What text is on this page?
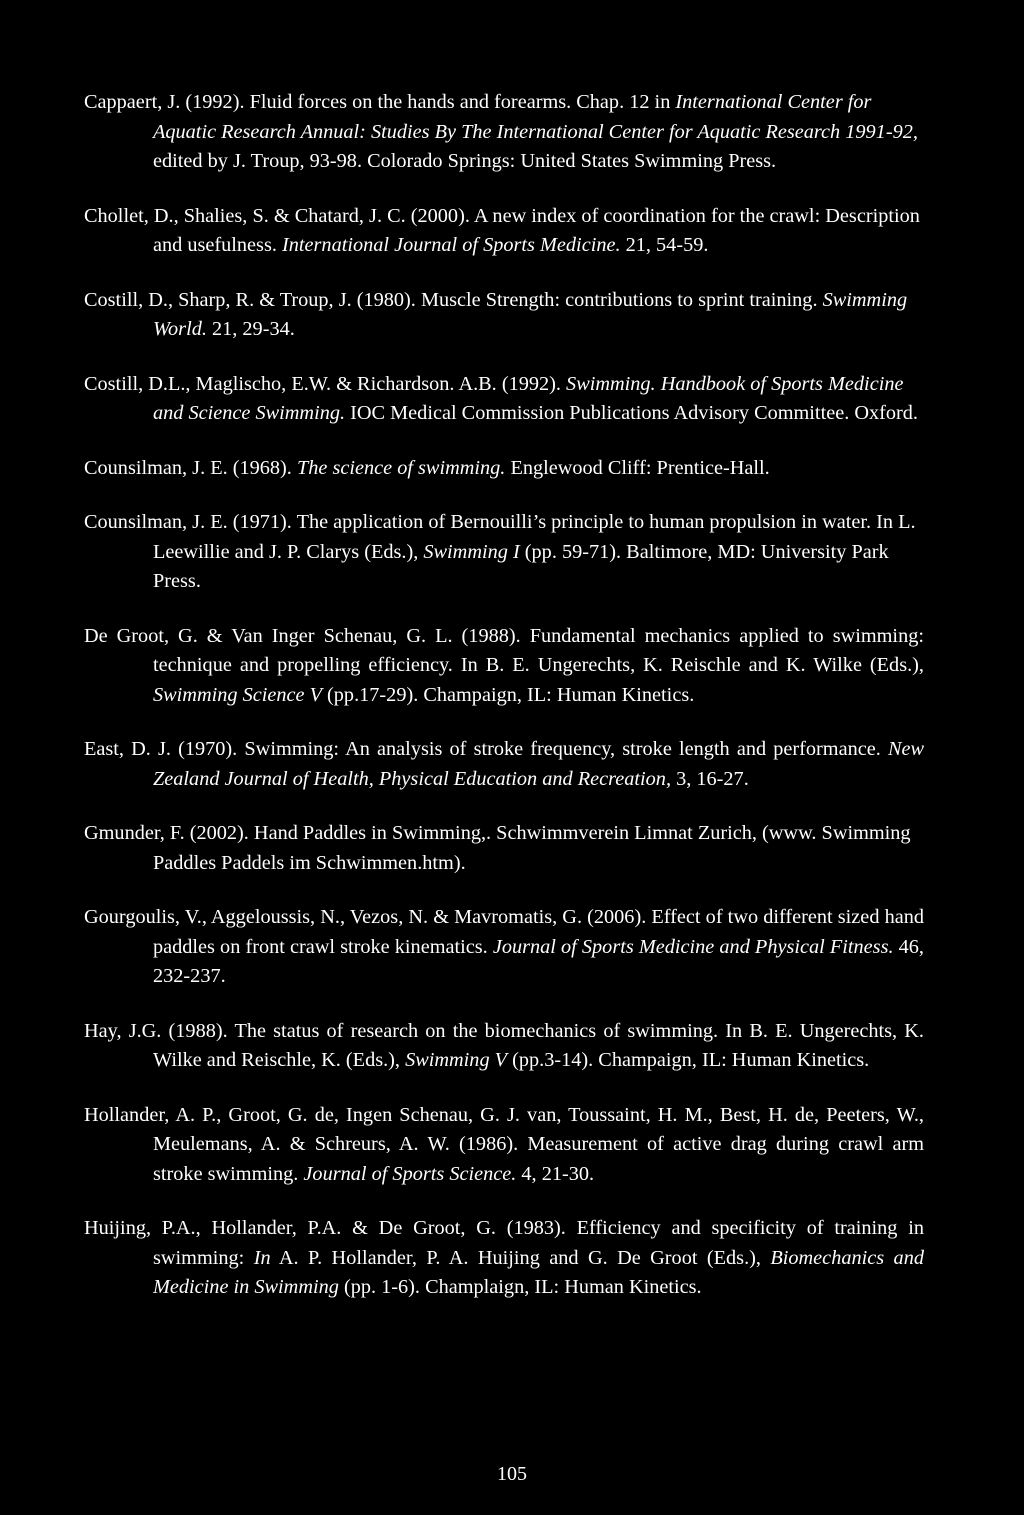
Cappaert, J. (1992). Fluid forces on the hands and forearms. Chap. 12 in International Center for Aquatic Research Annual: Studies By The International Center for Aquatic Research 1991-92, edited by J. Troup, 93-98. Colorado Springs: United States Swimming Press.

Chollet, D., Shalies, S. & Chatard, J. C. (2000). A new index of coordination for the crawl: Description and usefulness. International Journal of Sports Medicine. 21, 54-59.

Costill, D., Sharp, R. & Troup, J. (1980). Muscle Strength: contributions to sprint training. Swimming World. 21, 29-34.

Costill, D.L., Maglischo, E.W. & Richardson. A.B. (1992). Swimming. Handbook of Sports Medicine and Science Swimming. IOC Medical Commission Publications Advisory Committee. Oxford.

Counsilman, J. E. (1968). The science of swimming. Englewood Cliff: Prentice-Hall.

Counsilman, J. E. (1971). The application of Bernouilli’s principle to human propulsion in water. In L. Leewillie and J. P. Clarys (Eds.), Swimming I (pp. 59-71). Baltimore, MD: University Park Press.

De Groot, G. & Van Inger Schenau, G. L. (1988). Fundamental mechanics applied to swimming: technique and propelling efficiency. In B. E. Ungerechts, K. Reischle and K. Wilke (Eds.), Swimming Science V (pp.17-29). Champaign, IL: Human Kinetics.

East, D. J. (1970). Swimming: An analysis of stroke frequency, stroke length and performance. New Zealand Journal of Health, Physical Education and Recreation, 3, 16-27.

Gmunder, F. (2002). Hand Paddles in Swimming,. Schwimmverein Limnat Zurich, (www. Swimming Paddles Paddels im Schwimmen.htm).

Gourgoulis, V., Aggeloussis, N., Vezos, N. & Mavromatis, G. (2006). Effect of two different sized hand paddles on front crawl stroke kinematics. Journal of Sports Medicine and Physical Fitness. 46, 232-237.

Hay, J.G. (1988). The status of research on the biomechanics of swimming. In B. E. Ungerechts, K. Wilke and Reischle, K. (Eds.), Swimming V (pp.3-14). Champaign, IL: Human Kinetics.

Hollander, A. P., Groot, G. de, Ingen Schenau, G. J. van, Toussaint, H. M., Best, H. de, Peeters, W., Meulemans, A. & Schreurs, A. W. (1986). Measurement of active drag during crawl arm stroke swimming. Journal of Sports Science. 4, 21-30.

Huijing, P.A., Hollander, P.A. & De Groot, G. (1983). Efficiency and specificity of training in swimming: In A. P. Hollander, P. A. Huijing and G. De Groot (Eds.), Biomechanics and Medicine in Swimming (pp. 1-6). Champlaign, IL: Human Kinetics.

105
